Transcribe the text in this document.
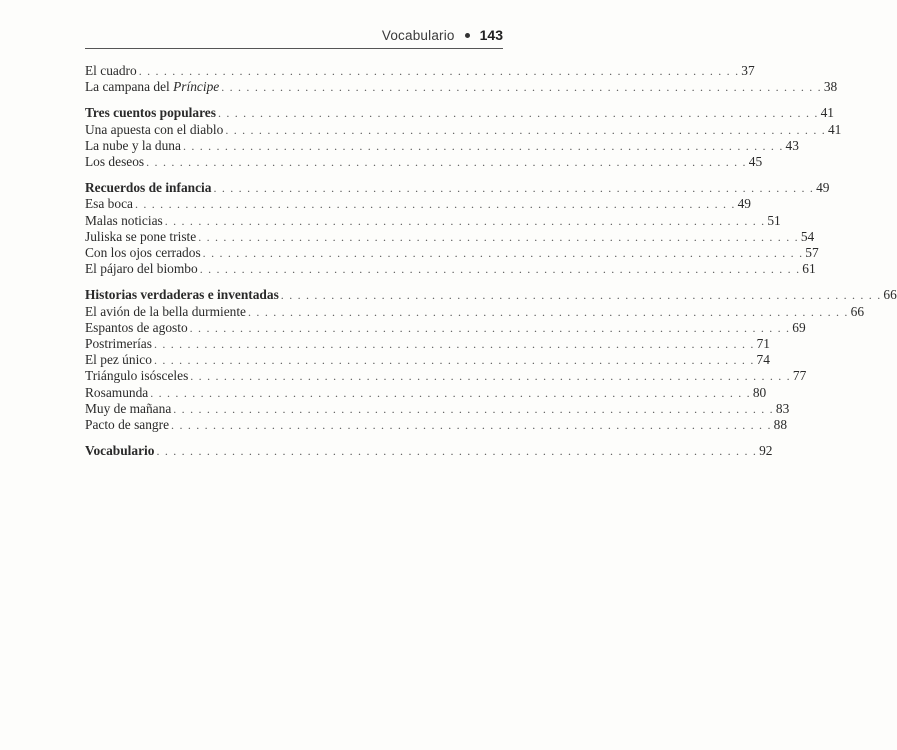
Vocabulario 143
El cuadro . . . . . . . . . . . . . . . . . . . . . . . . . . . . . . . . . . . . . . . . . . . . . . . . . . . . . . . . . . . . . . . . . . . . . . . . 37
La campana del Príncipe . . . . . . . . . . . . . . . . . . . . . . . . . . . . . . . . . . . . . . . . . . . . . . . . . . . . . . . . . . . . . . . . . . . . . . . . 38
Tres cuentos populares . . . . . . . . . . . . . . . . . . . . . . . . . . . . . . . . . . . . . . . . . . . . . . . . . . . . . . . . . . . . . . . . . . . . . . . . 41
Una apuesta con el diablo . . . . . . . . . . . . . . . . . . . . . . . . . . . . . . . . . . . . . . . . . . . . . . . . . . . . . . . . . . . . . . . . . . . . . . . . 41
La nube y la duna . . . . . . . . . . . . . . . . . . . . . . . . . . . . . . . . . . . . . . . . . . . . . . . . . . . . . . . . . . . . . . . . . . . . . . . . 43
Los deseos . . . . . . . . . . . . . . . . . . . . . . . . . . . . . . . . . . . . . . . . . . . . . . . . . . . . . . . . . . . . . . . . . . . . . . . . 45
Recuerdos de infancia . . . . . . . . . . . . . . . . . . . . . . . . . . . . . . . . . . . . . . . . . . . . . . . . . . . . . . . . . . . . . . . . . . . . . . . . 49
Esa boca . . . . . . . . . . . . . . . . . . . . . . . . . . . . . . . . . . . . . . . . . . . . . . . . . . . . . . . . . . . . . . . . . . . . . . . . 49
Malas noticias . . . . . . . . . . . . . . . . . . . . . . . . . . . . . . . . . . . . . . . . . . . . . . . . . . . . . . . . . . . . . . . . . . . . . . . . 51
Juliska se pone triste . . . . . . . . . . . . . . . . . . . . . . . . . . . . . . . . . . . . . . . . . . . . . . . . . . . . . . . . . . . . . . . . . . . . . . . . 54
Con los ojos cerrados . . . . . . . . . . . . . . . . . . . . . . . . . . . . . . . . . . . . . . . . . . . . . . . . . . . . . . . . . . . . . . . . . . . . . . . . 57
El pájaro del biombo . . . . . . . . . . . . . . . . . . . . . . . . . . . . . . . . . . . . . . . . . . . . . . . . . . . . . . . . . . . . . . . . . . . . . . . . 61
Historias verdaderas e inventadas . . . . . . . . . . . . . . . . . . . . . . . . . . . . . . . . . . . . . . . . . . . . . . . . . . . . . . . . . . . . . . . . . . . . . . . . 66
El avión de la bella durmiente . . . . . . . . . . . . . . . . . . . . . . . . . . . . . . . . . . . . . . . . . . . . . . . . . . . . . . . . . . . . . . . . . . . . . . . . 66
Espantos de agosto . . . . . . . . . . . . . . . . . . . . . . . . . . . . . . . . . . . . . . . . . . . . . . . . . . . . . . . . . . . . . . . . . . . . . . . . 69
Postrimerías . . . . . . . . . . . . . . . . . . . . . . . . . . . . . . . . . . . . . . . . . . . . . . . . . . . . . . . . . . . . . . . . . . . . . . . . 71
El pez único . . . . . . . . . . . . . . . . . . . . . . . . . . . . . . . . . . . . . . . . . . . . . . . . . . . . . . . . . . . . . . . . . . . . . . . . 74
Triángulo isósceles . . . . . . . . . . . . . . . . . . . . . . . . . . . . . . . . . . . . . . . . . . . . . . . . . . . . . . . . . . . . . . . . . . . . . . . . 77
Rosamunda . . . . . . . . . . . . . . . . . . . . . . . . . . . . . . . . . . . . . . . . . . . . . . . . . . . . . . . . . . . . . . . . . . . . . . . . 80
Muy de mañana . . . . . . . . . . . . . . . . . . . . . . . . . . . . . . . . . . . . . . . . . . . . . . . . . . . . . . . . . . . . . . . . . . . . . . . . 83
Pacto de sangre . . . . . . . . . . . . . . . . . . . . . . . . . . . . . . . . . . . . . . . . . . . . . . . . . . . . . . . . . . . . . . . . . . . . . . . . 88
Vocabulario . . . . . . . . . . . . . . . . . . . . . . . . . . . . . . . . . . . . . . . . . . . . . . . . . . . . . . . . . . . . . . . . . . . . . . . . 92
